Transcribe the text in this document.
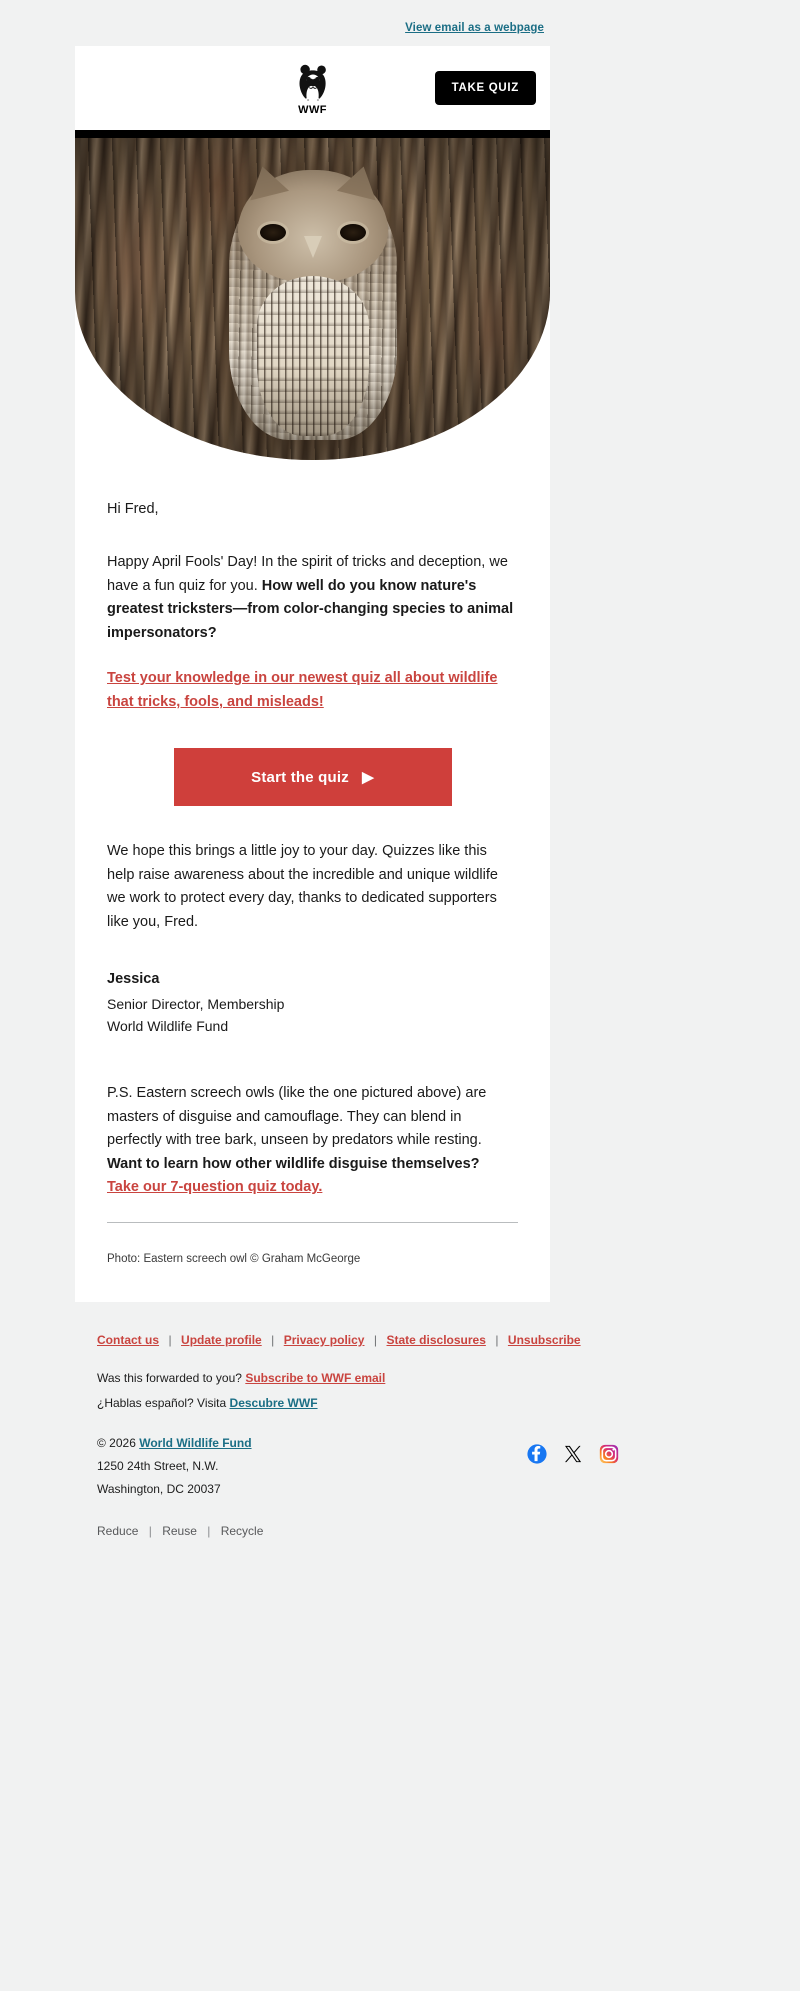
View email as a webpage
WWF
TAKE QUIZ

Hi Fred,

Happy April Fools' Day! In the spirit of tricks and deception, we have a fun quiz for you. How well do you know nature's greatest tricksters—from color-changing species to animal impersonators?

Test your knowledge in our newest quiz all about wildlife that tricks, fools, and misleads!
Start the quiz   ▶

We hope this brings a little joy to your day. Quizzes like this help raise awareness about the incredible and unique wildlife we work to protect every day, thanks to dedicated supporters like you, Fred.

Jessica
Senior Director, Membership
World Wildlife Fund

P.S. Eastern screech owls (like the one pictured above) are masters of disguise and camouflage. They can blend in perfectly with tree bark, unseen by predators while resting. Want to learn how other wildlife disguise themselves?
Take our 7-question quiz today.

Photo: Eastern screech owl © Graham McGeorge
Contact us | Update profile | Privacy policy | State disclosures | Unsubscribe
Was this forwarded to you? Subscribe to WWF email
¿Hablas español? Visita Descubre WWF
© 2026 World Wildlife Fund
1250 24th Street, N.W.
Washington, DC 20037
Reduce | Reuse | Recycle
